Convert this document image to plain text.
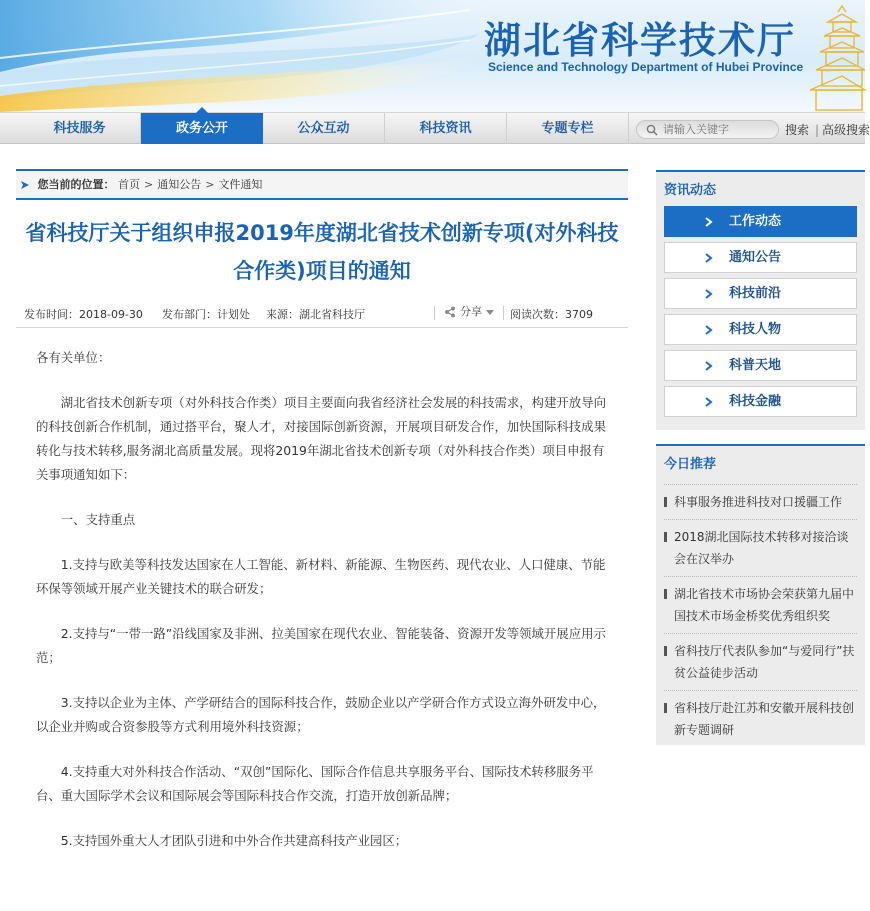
湖北省科学技术厅
Science and Technology Department of Hubei Province
科技服务	政务公开	公众互动	科技资讯	专题专栏
请输入关键字	搜索
|	高级搜索
您当前的位置： 首页 > 通知公告 > 文件通知
省科技厅关于组织申报2019年度湖北省技术创新专项(对外科技合作类)项目的通知
发布时间：2018-09-30 发布部门：计划处 来源：湖北省科技厅	分享	阅读次数：3709

各有关单位：

湖北省技术创新专项（对外科技合作类）项目主要面向我省经济社会发展的科技需求，构建开放导向的科技创新合作机制，通过搭平台，聚人才，对接国际创新资源，开展项目研发合作，加快国际科技成果转化与技术转移,服务湖北高质量发展。现将2019年湖北省技术创新专项（对外科技合作类）项目申报有关事项通知如下：

一、支持重点

1.支持与欧美等科技发达国家在人工智能、新材料、新能源、生物医药、现代农业、人口健康、节能环保等领域开展产业关键技术的联合研发；

2.支持与“一带一路”沿线国家及非洲、拉美国家在现代农业、智能装备、资源开发等领域开展应用示范；

3.支持以企业为主体、产学研结合的国际科技合作，鼓励企业以产学研合作方式设立海外研发中心，以企业并购或合资参股等方式利用境外科技资源；

4.支持重大对外科技合作活动、“双创”国际化、国际合作信息共享服务平台、国际技术转移服务平台、重大国际学术会议和国际展会等国际科技合作交流，打造开放创新品牌；

5.支持国外重大人才团队引进和中外合作共建高科技产业园区；

资讯动态
工作动态
通知公告
科技前沿
科技人物
科普天地
科技金融
今日推荐
科事服务推进科技对口援疆工作
2018湖北国际技术转移对接洽谈会在汉举办
湖北省技术市场协会荣获第九届中国技术市场金桥奖优秀组织奖
省科技厅代表队参加“与爱同行”扶贫公益徒步活动
省科技厅赴江苏和安徽开展科技创新专题调研
